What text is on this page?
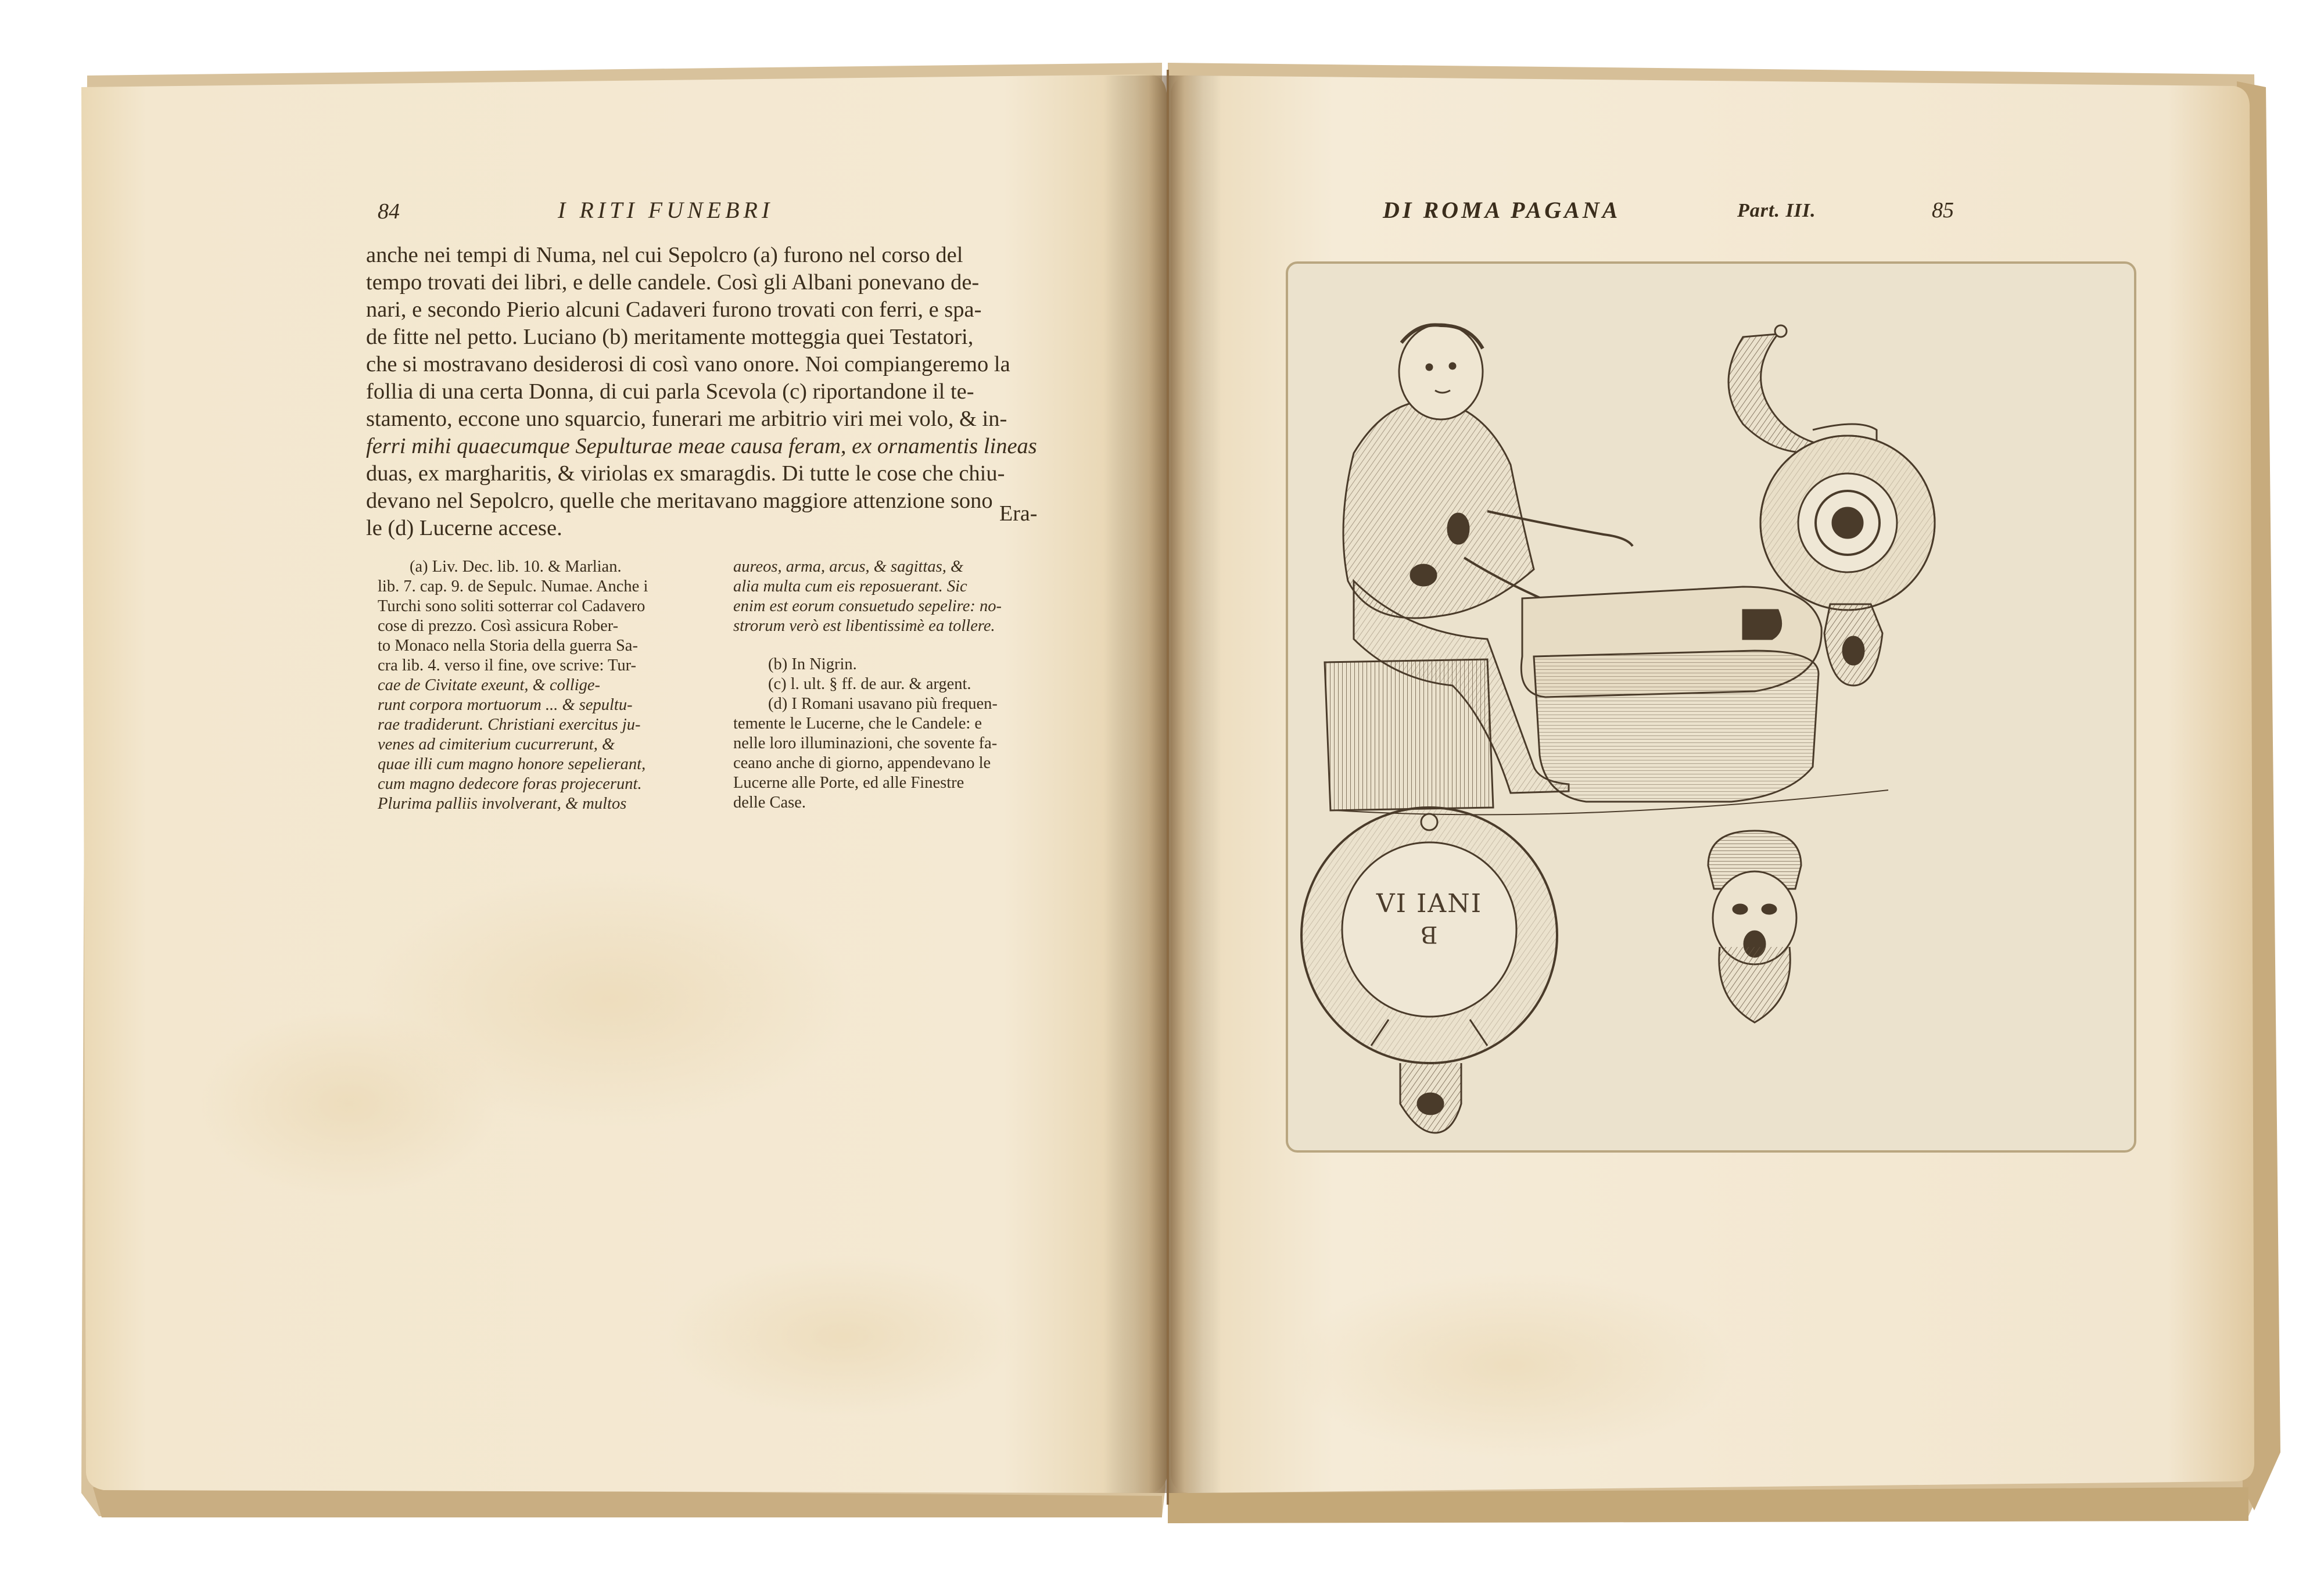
84	I RITI FUNEBRI
anche nei tempi di Numa, nel cui Sepolcro (a) furono nel corso del
tempo trovati dei libri, e delle candele. Così gli Albani ponevano de-
nari, e secondo Pierio alcuni Cadaveri furono trovati con ferri, e spa-
de fitte nel petto. Luciano (b) meritamente motteggia quei Testatori,
che si mostravano desiderosi di così vano onore. Noi compiangeremo la
follia di una certa Donna, di cui parla Scevola (c) riportandone il te-
stamento, eccone uno squarcio, funerari me arbitrio viri mei volo, & in-
ferri mihi quaecumque Sepulturae meae causa feram, ex ornamentis lineas
duas, ex margharitis, & viriolas ex smaragdis. Di tutte le cose che chiu-
devano nel Sepolcro, quelle che meritavano maggiore attenzione sono
le (d) Lucerne accese.
Era-
(a) Liv. Dec. lib. 10. & Marlian.
lib. 7. cap. 9. de Sepulc. Numae. Anche i
Turchi sono soliti sotterrar col Cadavero
cose di prezzo. Così assicura Rober-
to Monaco nella Storia della guerra Sa-
cra lib. 4. verso il fine, ove scrive: Tur-
cae de Civitate exeunt, & collige-
runt corpora mortuorum ... & sepultu-
rae tradiderunt. Christiani exercitus ju-
venes ad cimiterium cucurrerunt, &
quae illi cum magno honore sepelierant,
cum magno dedecore foras projecerunt.
Plurima palliis involverant, & multos
aureos, arma, arcus, & sagittas, &
alia multa cum eis reposuerant. Sic
enim est eorum consuetudo sepelire: no-
strorum verò est libentissimè ea tollere.
(b) In Nigrin.
(c) l. ult. § ff. de aur. & argent.
(d) I Romani usavano più frequen-
temente le Lucerne, che le Candele: e
nelle loro illuminazioni, che sovente fa-
ceano anche di giorno, appendevano le
Lucerne alle Porte, ed alle Finestre
delle Case.
DI ROMA PAGANA	Part. III.	85
VI IANI
B
